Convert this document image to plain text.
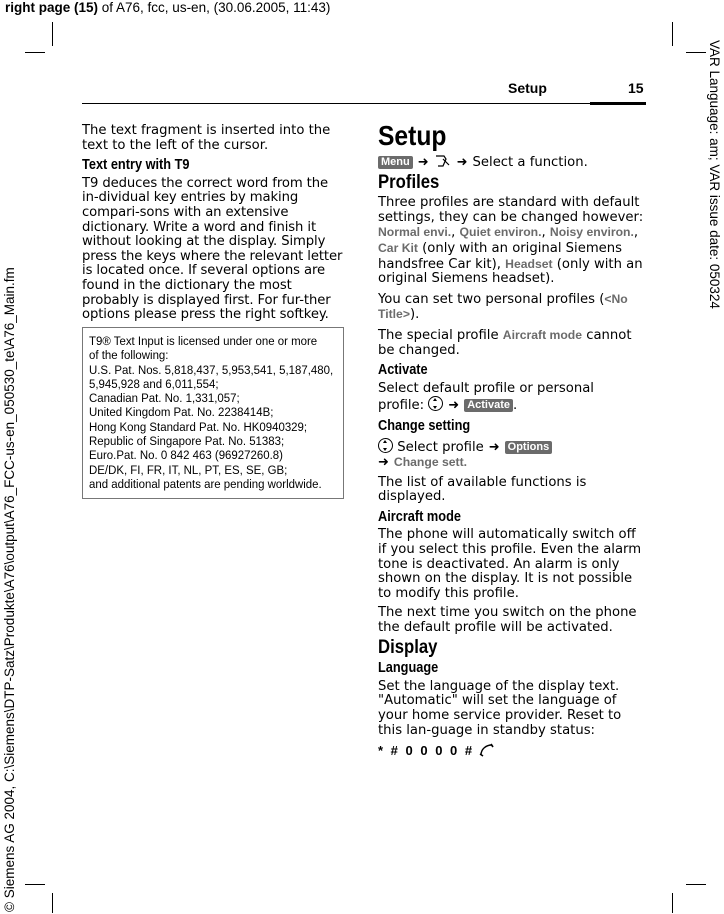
right page (15) of A76, fcc, us-en, (30.06.2005, 11:43)
VAR Language: am; VAR issue date: 050324
© Siemens AG 2004, C:\Siemens\DTP-Satz\Produkte\A76\output\A76_FCC-us-en_050530_te\A76_Main.fm
Setup	15

The text fragment is inserted into the text to the left of the cursor.

Text entry with T9

T9 deduces the correct word from the in-dividual key entries by making compari-sons with an extensive dictionary. Write a word and finish it without looking at the display. Simply press the keys where the relevant letter is located once. If several options are found in the dictionary the most probably is displayed first. For fur-ther options please press the right softkey.

T9® Text Input is licensed under one or more
of the following:
U.S. Pat. Nos. 5,818,437, 5,953,541, 5,187,480,
5,945,928 and 6,011,554;
Canadian Pat. No. 1,331,057;
United Kingdom Pat. No. 2238414B;
Hong Kong Standard Pat. No. HK0940329;
Republic of Singapore Pat. No. 51383;
Euro.Pat. No. 0 842 463 (96927260.8)
DE/DK, FI, FR, IT, NL, PT, ES, SE, GB;
and additional patents are pending worldwide.
Setup

Menu ➜ ➜ Select a function.

Profiles

Three profiles are standard with default settings, they can be changed however: Normal envi., Quiet environ., Noisy environ., Car Kit (only with an original Siemens handsfree Car kit), Headset (only with an original Siemens headset).

You can set two personal profiles (<No Title>).

The special profile Aircraft mode cannot be changed.

Activate

Select default profile or personal profile: ➜ Activate .

Change setting

Select profile ➜ Options
➜ Change sett.

The list of available functions is displayed.

Aircraft mode

The phone will automatically switch off if you select this profile. Even the alarm tone is deactivated. An alarm is only shown on the display. It is not possible to modify this profile.

The next time you switch on the phone the default profile will be activated.

Display
Language

Set the language of the display text. "Automatic" will set the language of your home service provider. Reset to this lan-guage in standby status:

* # 0 0 0 0 #
